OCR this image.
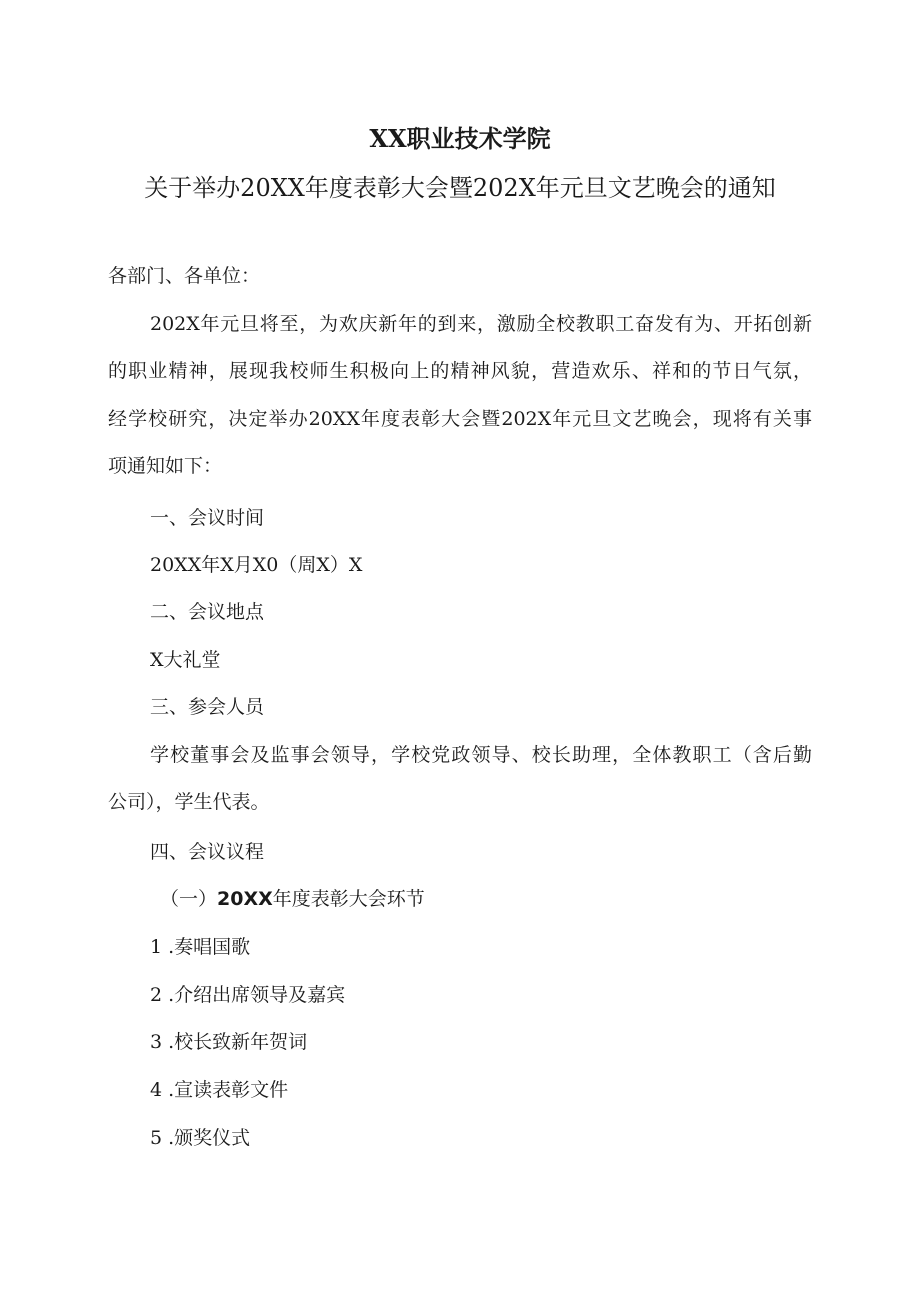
XX职业技术学院
关于举办20XX年度表彰大会暨202X年元旦文艺晚会的通知
各部门、各单位：
202X年元旦将至，为欢庆新年的到来，激励全校教职工奋发有为、开拓创新
的职业精神，展现我校师生积极向上的精神风貌，营造欢乐、祥和的节日气氛，
经学校研究，决定举办20XX年度表彰大会暨202X年元旦文艺晚会，现将有关事
项通知如下：
一、会议时间
20XX年X月X0（周X）X
二、会议地点
X大礼堂
三、参会人员
学校董事会及监事会领导，学校党政领导、校长助理，全体教职工（含后勤
公司），学生代表。
四、会议议程
（一）20XX年度表彰大会环节
1 .奏唱国歌
2 .介绍出席领导及嘉宾
3 .校长致新年贺词
4 .宣读表彰文件
5 .颁奖仪式
